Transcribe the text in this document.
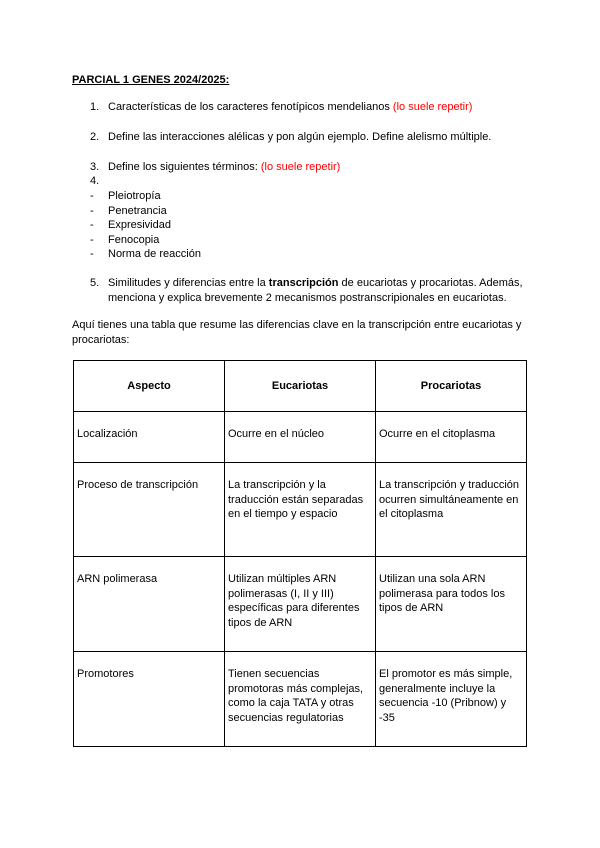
PARCIAL 1 GENES 2024/2025:
1. Características de los caracteres fenotípicos mendelianos (lo suele repetir)
2. Define las interacciones alélicas y pon algún ejemplo. Define alelismo múltiple.
3. Define los siguientes términos: (lo suele repetir)
4.
- Pleiotropía
- Penetrancia
- Expresividad
- Fenocopia
- Norma de reacción
5. Similitudes y diferencias entre la transcripción de eucariotas y procariotas. Además,
menciona y explica brevemente 2 mecanismos postranscripionales en eucariotas.
Aquí tienes una tabla que resume las diferencias clave en la transcripción entre eucariotas y
procariotas:
Aspecto	Eucariotas	Procariotas
Localización	Ocurre en el núcleo	Ocurre en el citoplasma
Proceso de transcripción	La transcripción y la traducción están separadas en el tiempo y espacio	La transcripción y traducción ocurren simultáneamente en el citoplasma
ARN polimerasa	Utilizan múltiples ARN polimerasas (I, II y III) específicas para diferentes tipos de ARN	Utilizan una sola ARN polimerasa para todos los tipos de ARN
Promotores	Tienen secuencias promotoras más complejas, como la caja TATA y otras secuencias regulatorias	El promotor es más simple, generalmente incluye la secuencia -10 (Pribnow) y -35
